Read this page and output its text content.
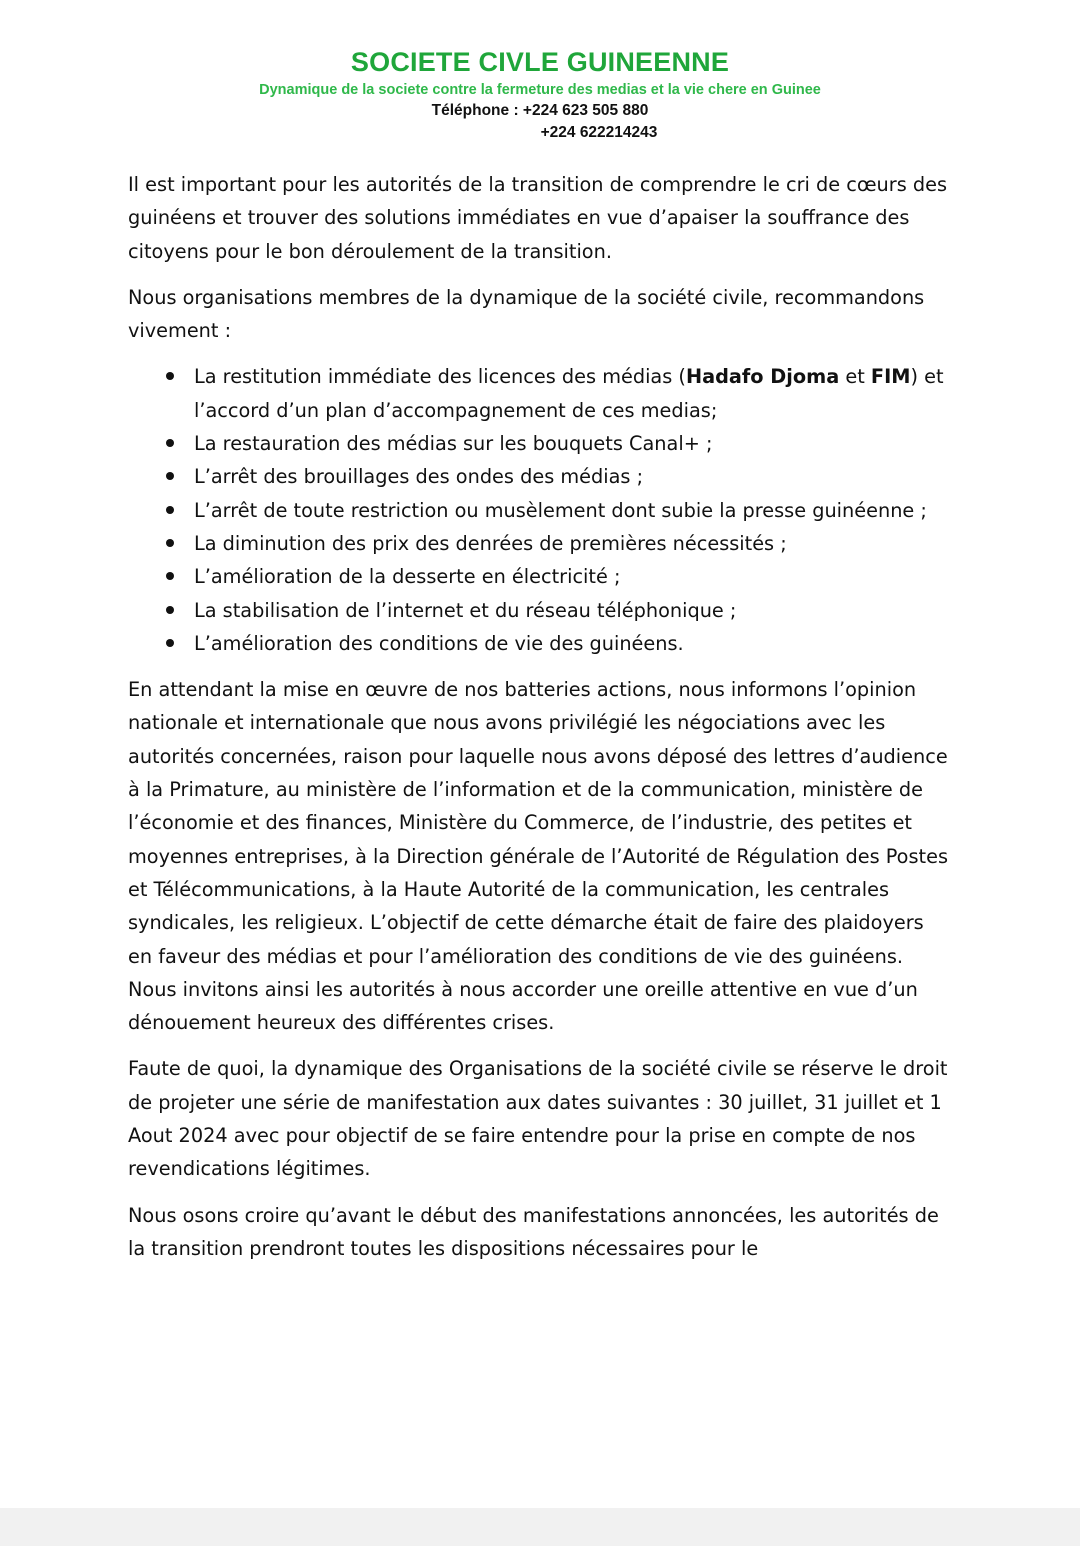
SOCIETE CIVLE GUINEENNE
Dynamique de la societe contre la fermeture des medias et la vie chere en Guinee
Téléphone : +224 623 505 880
+224 622214243

Il est important pour les autorités de la transition de comprendre le cri de cœurs des guinéens et trouver des solutions immédiates en vue d’apaiser la souffrance des citoyens pour le bon déroulement de la transition.

Nous organisations membres de la dynamique de la société civile, recommandons vivement :

La restitution immédiate des licences des médias (Hadafo Djoma et FIM) et l’accord d’un plan d’accompagnement de ces medias;
La restauration des médias sur les bouquets Canal+ ;
L’arrêt des brouillages des ondes des médias ;
L’arrêt de toute restriction ou musèlement dont subie la presse guinéenne ;
La diminution des prix des denrées de premières nécessités ;
L’amélioration de la desserte en électricité ;
La stabilisation de l’internet et du réseau téléphonique ;
L’amélioration des conditions de vie des guinéens.

En attendant la mise en œuvre de nos batteries actions, nous informons l’opinion nationale et internationale que nous avons privilégié les négociations avec les autorités concernées, raison pour laquelle nous avons déposé des lettres d’audience à la Primature, au ministère de l’information et de la communication, ministère de l’économie et des finances, Ministère du Commerce, de l’industrie, des petites et moyennes entreprises, à la Direction générale de l’Autorité de Régulation des Postes et Télécommunications, à la Haute Autorité de la communication, les centrales syndicales, les religieux. L’objectif de cette démarche était de faire des plaidoyers en faveur des médias et pour l’amélioration des conditions de vie des guinéens. Nous invitons ainsi les autorités à nous accorder une oreille attentive en vue d’un dénouement heureux des différentes crises.

Faute de quoi, la dynamique des Organisations de la société civile se réserve le droit de projeter une série de manifestation aux dates suivantes : 30 juillet, 31 juillet et 1 Aout 2024 avec pour objectif de se faire entendre pour la prise en compte de nos revendications légitimes.

Nous osons croire qu’avant le début des manifestations annoncées, les autorités de la transition prendront toutes les dispositions nécessaires pour le
